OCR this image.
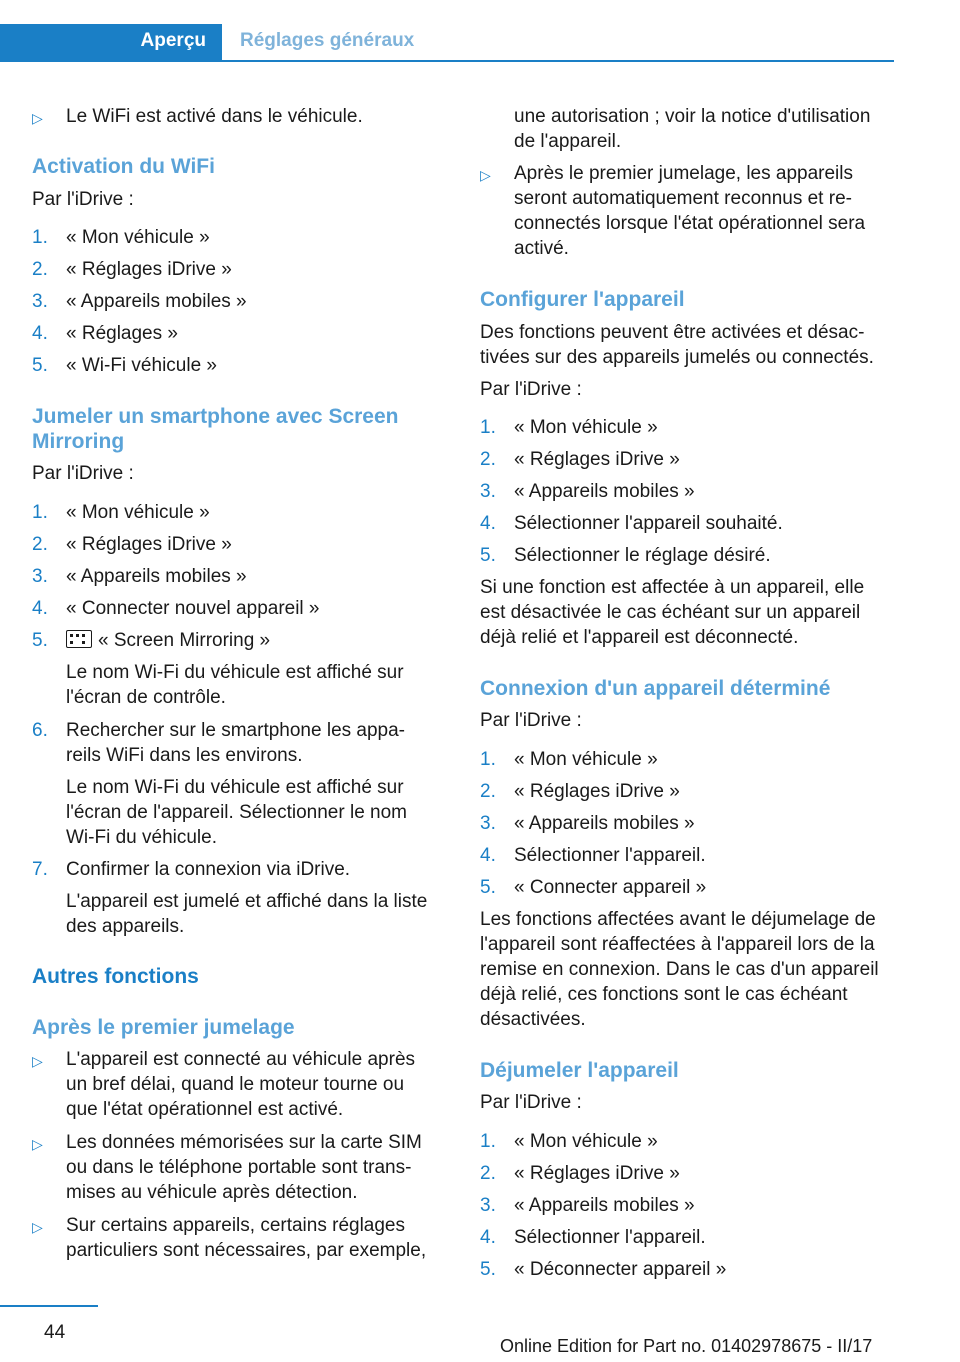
Aperçu Réglages généraux
▷ Le WiFi est activé dans le véhicule.
Activation du WiFi
Par l'iDrive :
1. « Mon véhicule »
2. « Réglages iDrive »
3. « Appareils mobiles »
4. « Réglages »
5. « Wi-Fi véhicule »
Jumeler un smartphone avec Screen
Mirroring
Par l'iDrive :
1. « Mon véhicule »
2. « Réglages iDrive »
3. « Appareils mobiles »
4. « Connecter nouvel appareil »
5.	« Screen Mirroring »
Le nom Wi-Fi du véhicule est affiché sur
l'écran de contrôle.
6. Rechercher sur le smartphone les appa‐
reils WiFi dans les environs.
Le nom Wi-Fi du véhicule est affiché sur
l'écran de l'appareil. Sélectionner le nom
Wi-Fi du véhicule.
7. Confirmer la connexion via iDrive.
L'appareil est jumelé et affiché dans la liste
des appareils.
Autres fonctions
Après le premier jumelage
▷ L'appareil est connecté au véhicule après
un bref délai, quand le moteur tourne ou
que l'état opérationnel est activé.
▷ Les données mémorisées sur la carte SIM
ou dans le téléphone portable sont trans‐
mises au véhicule après détection.
▷ Sur certains appareils, certains réglages
particuliers sont nécessaires, par exemple,
une autorisation ; voir la notice d'utilisation
de l'appareil.
▷ Après le premier jumelage, les appareils
seront automatiquement reconnus et re‐
connectés lorsque l'état opérationnel sera
activé.
Configurer l'appareil
Des fonctions peuvent être activées et désac‐
tivées sur des appareils jumelés ou connectés.
Par l'iDrive :
1. « Mon véhicule »
2. « Réglages iDrive »
3. « Appareils mobiles »
4. Sélectionner l'appareil souhaité.
5. Sélectionner le réglage désiré.
Si une fonction est affectée à un appareil, elle
est désactivée le cas échéant sur un appareil
déjà relié et l'appareil est déconnecté.
Connexion d'un appareil déterminé
Par l'iDrive :
1. « Mon véhicule »
2. « Réglages iDrive »
3. « Appareils mobiles »
4. Sélectionner l'appareil.
5. « Connecter appareil »
Les fonctions affectées avant le déjumelage de
l'appareil sont réaffectées à l'appareil lors de la
remise en connexion. Dans le cas d'un appareil
déjà relié, ces fonctions sont le cas échéant
désactivées.
Déjumeler l'appareil
Par l'iDrive :
1. « Mon véhicule »
2. « Réglages iDrive »
3. « Appareils mobiles »
4. Sélectionner l'appareil.
5. « Déconnecter appareil »
44
Online Edition for Part no. 01402978675 - II/17
